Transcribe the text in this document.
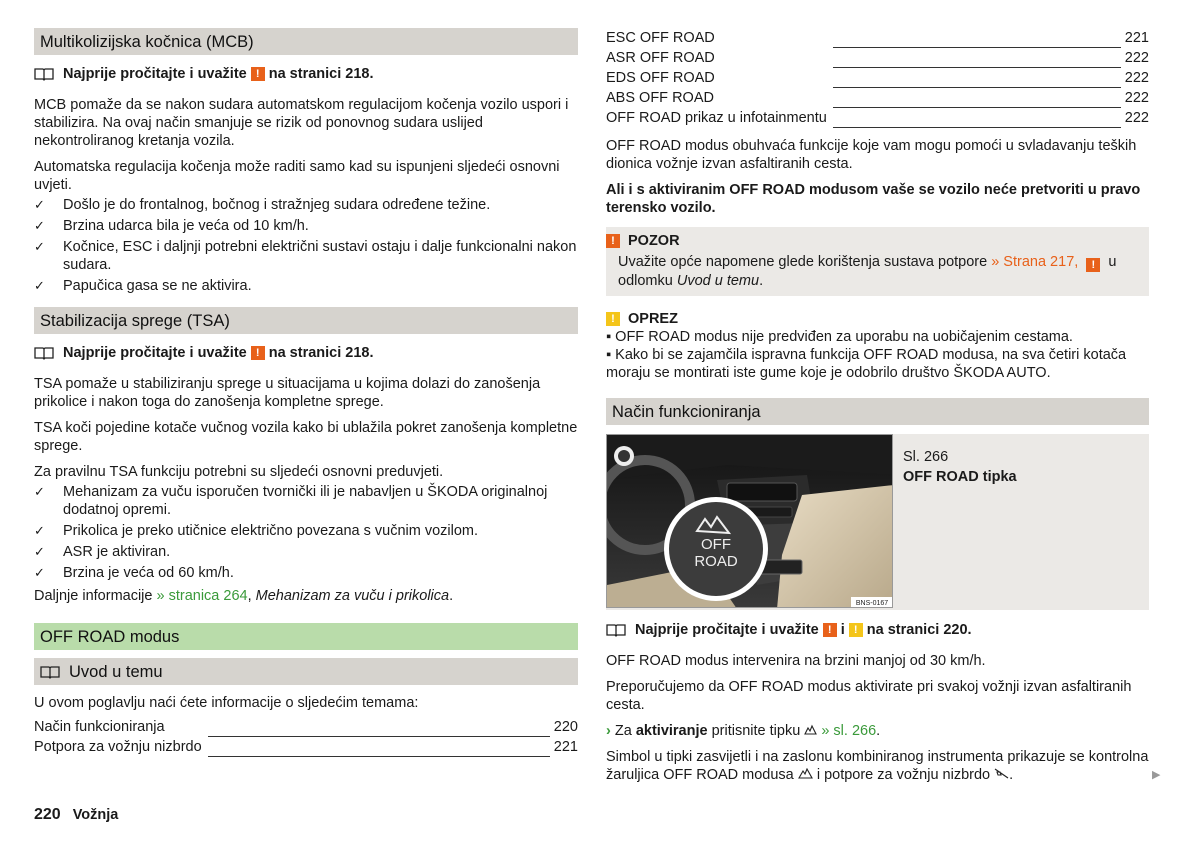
Multikolizijska kočnica (MCB)
Najprije pročitajte i uvažite ! na stranici 218.

MCB pomaže da se nakon sudara automatskom regulacijom kočenja vozilo uspori i stabilizira. Na ovaj način smanjuje se rizik od ponovnog sudara uslijed nekontroliranog kretanja vozila.

Automatska regulacija kočenja može raditi samo kad su ispunjeni sljedeći osnovni uvjeti.

✓ Došlo je do frontalnog, bočnog i stražnjeg sudara određene težine.
✓ Brzina udarca bila je veća od 10 km/h.
✓ Kočnice, ESC i daljnji potrebni električni sustavi ostaju i dalje funkcionalni nakon sudara.
✓ Papučica gasa se ne aktivira.
Stabilizacija sprege (TSA)
Najprije pročitajte i uvažite ! na stranici 218.

TSA pomaže u stabiliziranju sprege u situacijama u kojima dolazi do zanošenja prikolice i nakon toga do zanošenja kompletne sprege.

TSA koči pojedine kotače vučnog vozila kako bi ublažila pokret zanošenja kompletne sprege.

Za pravilnu TSA funkciju potrebni su sljedeći osnovni preduvjeti.

✓ Mehanizam za vuču isporučen tvornički ili je nabavljen u ŠKODA originalnoj dodatnoj opremi.
✓ Prikolica je preko utičnice električno povezana s vučnim vozilom.
✓ ASR je aktiviran.
✓ Brzina je veća od 60 km/h.

Daljnje informacije » stranica 264, Mehanizam za vuču i prikolica.

OFF ROAD modus
Uvod u temu

U ovom poglavlju naći ćete informacije o sljedećim temama:

Način funkcioniranja		220
Potpora za vožnju nizbrdo		221
ESC OFF ROAD		221
ASR OFF ROAD		222
EDS OFF ROAD		222
ABS OFF ROAD		222
OFF ROAD prikaz u infotainmentu		222

OFF ROAD modus obuhvaća funkcije koje vam mogu pomoći u svladavanju teških dionica vožnje izvan asfaltiranih cesta.

Ali i s aktiviranim OFF ROAD modusom vaše se vozilo neće pretvoriti u pravo terensko vozilo.

! POZOR
Uvažite opće napomene glede korištenja sustava potpore » Strana 217, ! u odlomku Uvod u temu.
! OPREZ
▪ OFF ROAD modus nije predviđen za uporabu na uobičajenim cestama.
▪ Kako bi se zajamčila ispravna funkcija OFF ROAD modusa, na sva četiri kotača moraju se montirati iste gume koje je odobrilo društvo ŠKODA AUTO.
Način funkcioniranja
OFF
ROAD
BNS-0167
Sl. 266
OFF ROAD tipka
Najprije pročitajte i uvažite ! i ! na stranici 220.

OFF ROAD modus intervenira na brzini manjoj od 30 km/h.

Preporučujemo da OFF ROAD modus aktivirate pri svakoj vožnji izvan asfaltiranih cesta.

› Za aktiviranje pritisnite tipku » sl. 266.

Simbol u tipki zasvijetli i na zaslonu kombiniranog instrumenta prikazuje se kontrolna žaruljica OFF ROAD modusa i potpore za vožnju nizbrdo .	▶
220 Vožnja
